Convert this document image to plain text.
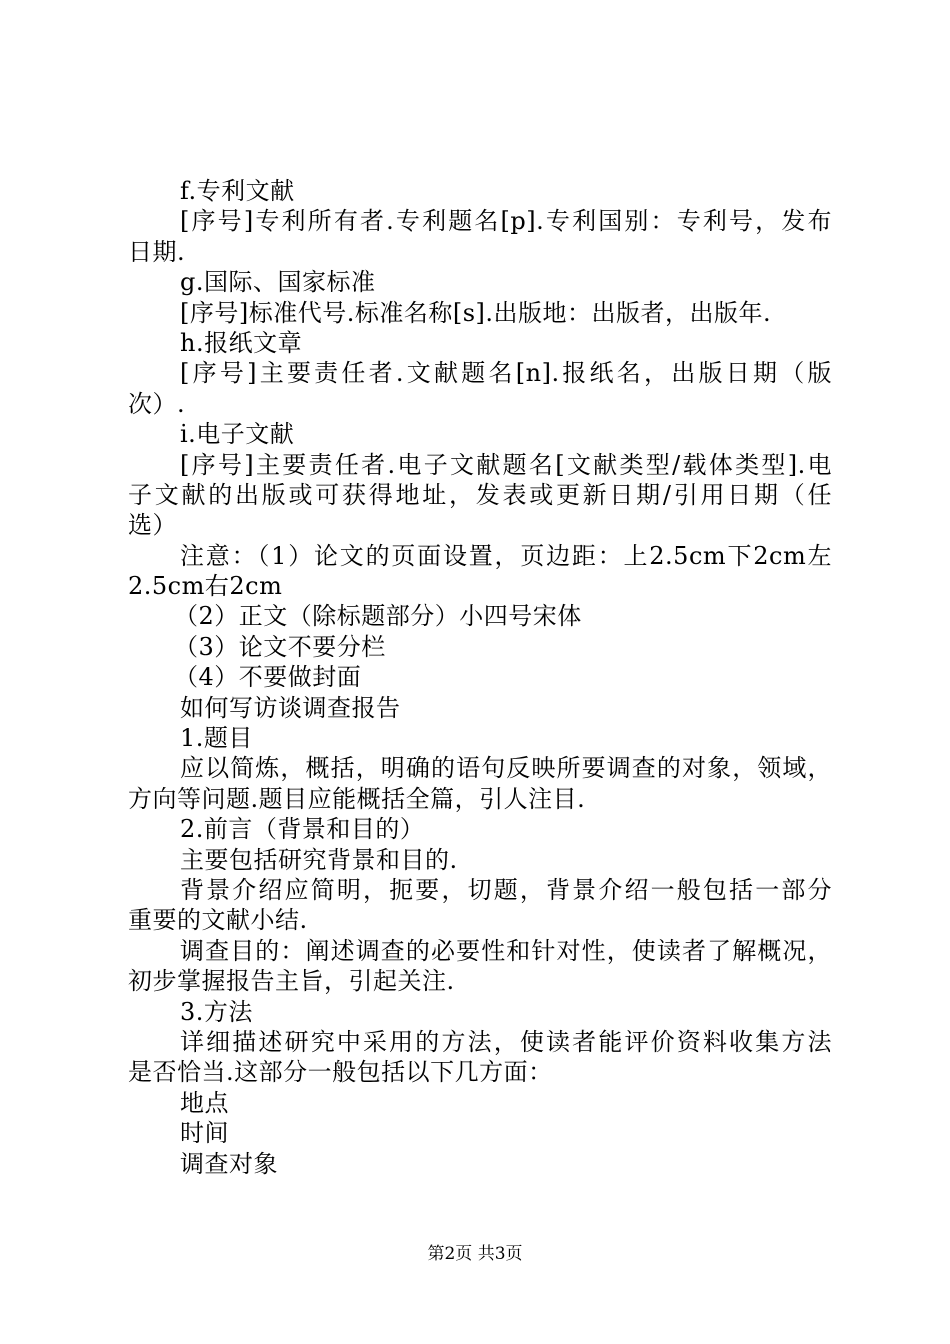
f.专利文献
[序号]专利所有者.专利题名[p].专利国别：专利号，发布
日期.
g.国际、国家标准
[序号]标准代号.标准名称[s].出版地：出版者，出版年.
h.报纸文章
[序号]主要责任者.文献题名[n].报纸名，出版日期（版
次）.
i.电子文献
[序号]主要责任者.电子文献题名[文献类型/载体类型].电
子文献的出版或可获得地址，发表或更新日期/引用日期（任
选）
注意：（1）论文的页面设置，页边距：上2.5cm下2cm左
2.5cm右2cm
（2）正文（除标题部分）小四号宋体
（3）论文不要分栏
（4）不要做封面
如何写访谈调查报告
1.题目
应以简炼，概括，明确的语句反映所要调查的对象，领域，
方向等问题.题目应能概括全篇，引人注目.
2.前言（背景和目的）
主要包括研究背景和目的.
背景介绍应简明，扼要，切题，背景介绍一般包括一部分
重要的文献小结.
调查目的：阐述调查的必要性和针对性，使读者了解概况，
初步掌握报告主旨，引起关注.
3.方法
详细描述研究中采用的方法，使读者能评价资料收集方法
是否恰当.这部分一般包括以下几方面：
地点
时间
调查对象
第2页 共3页
